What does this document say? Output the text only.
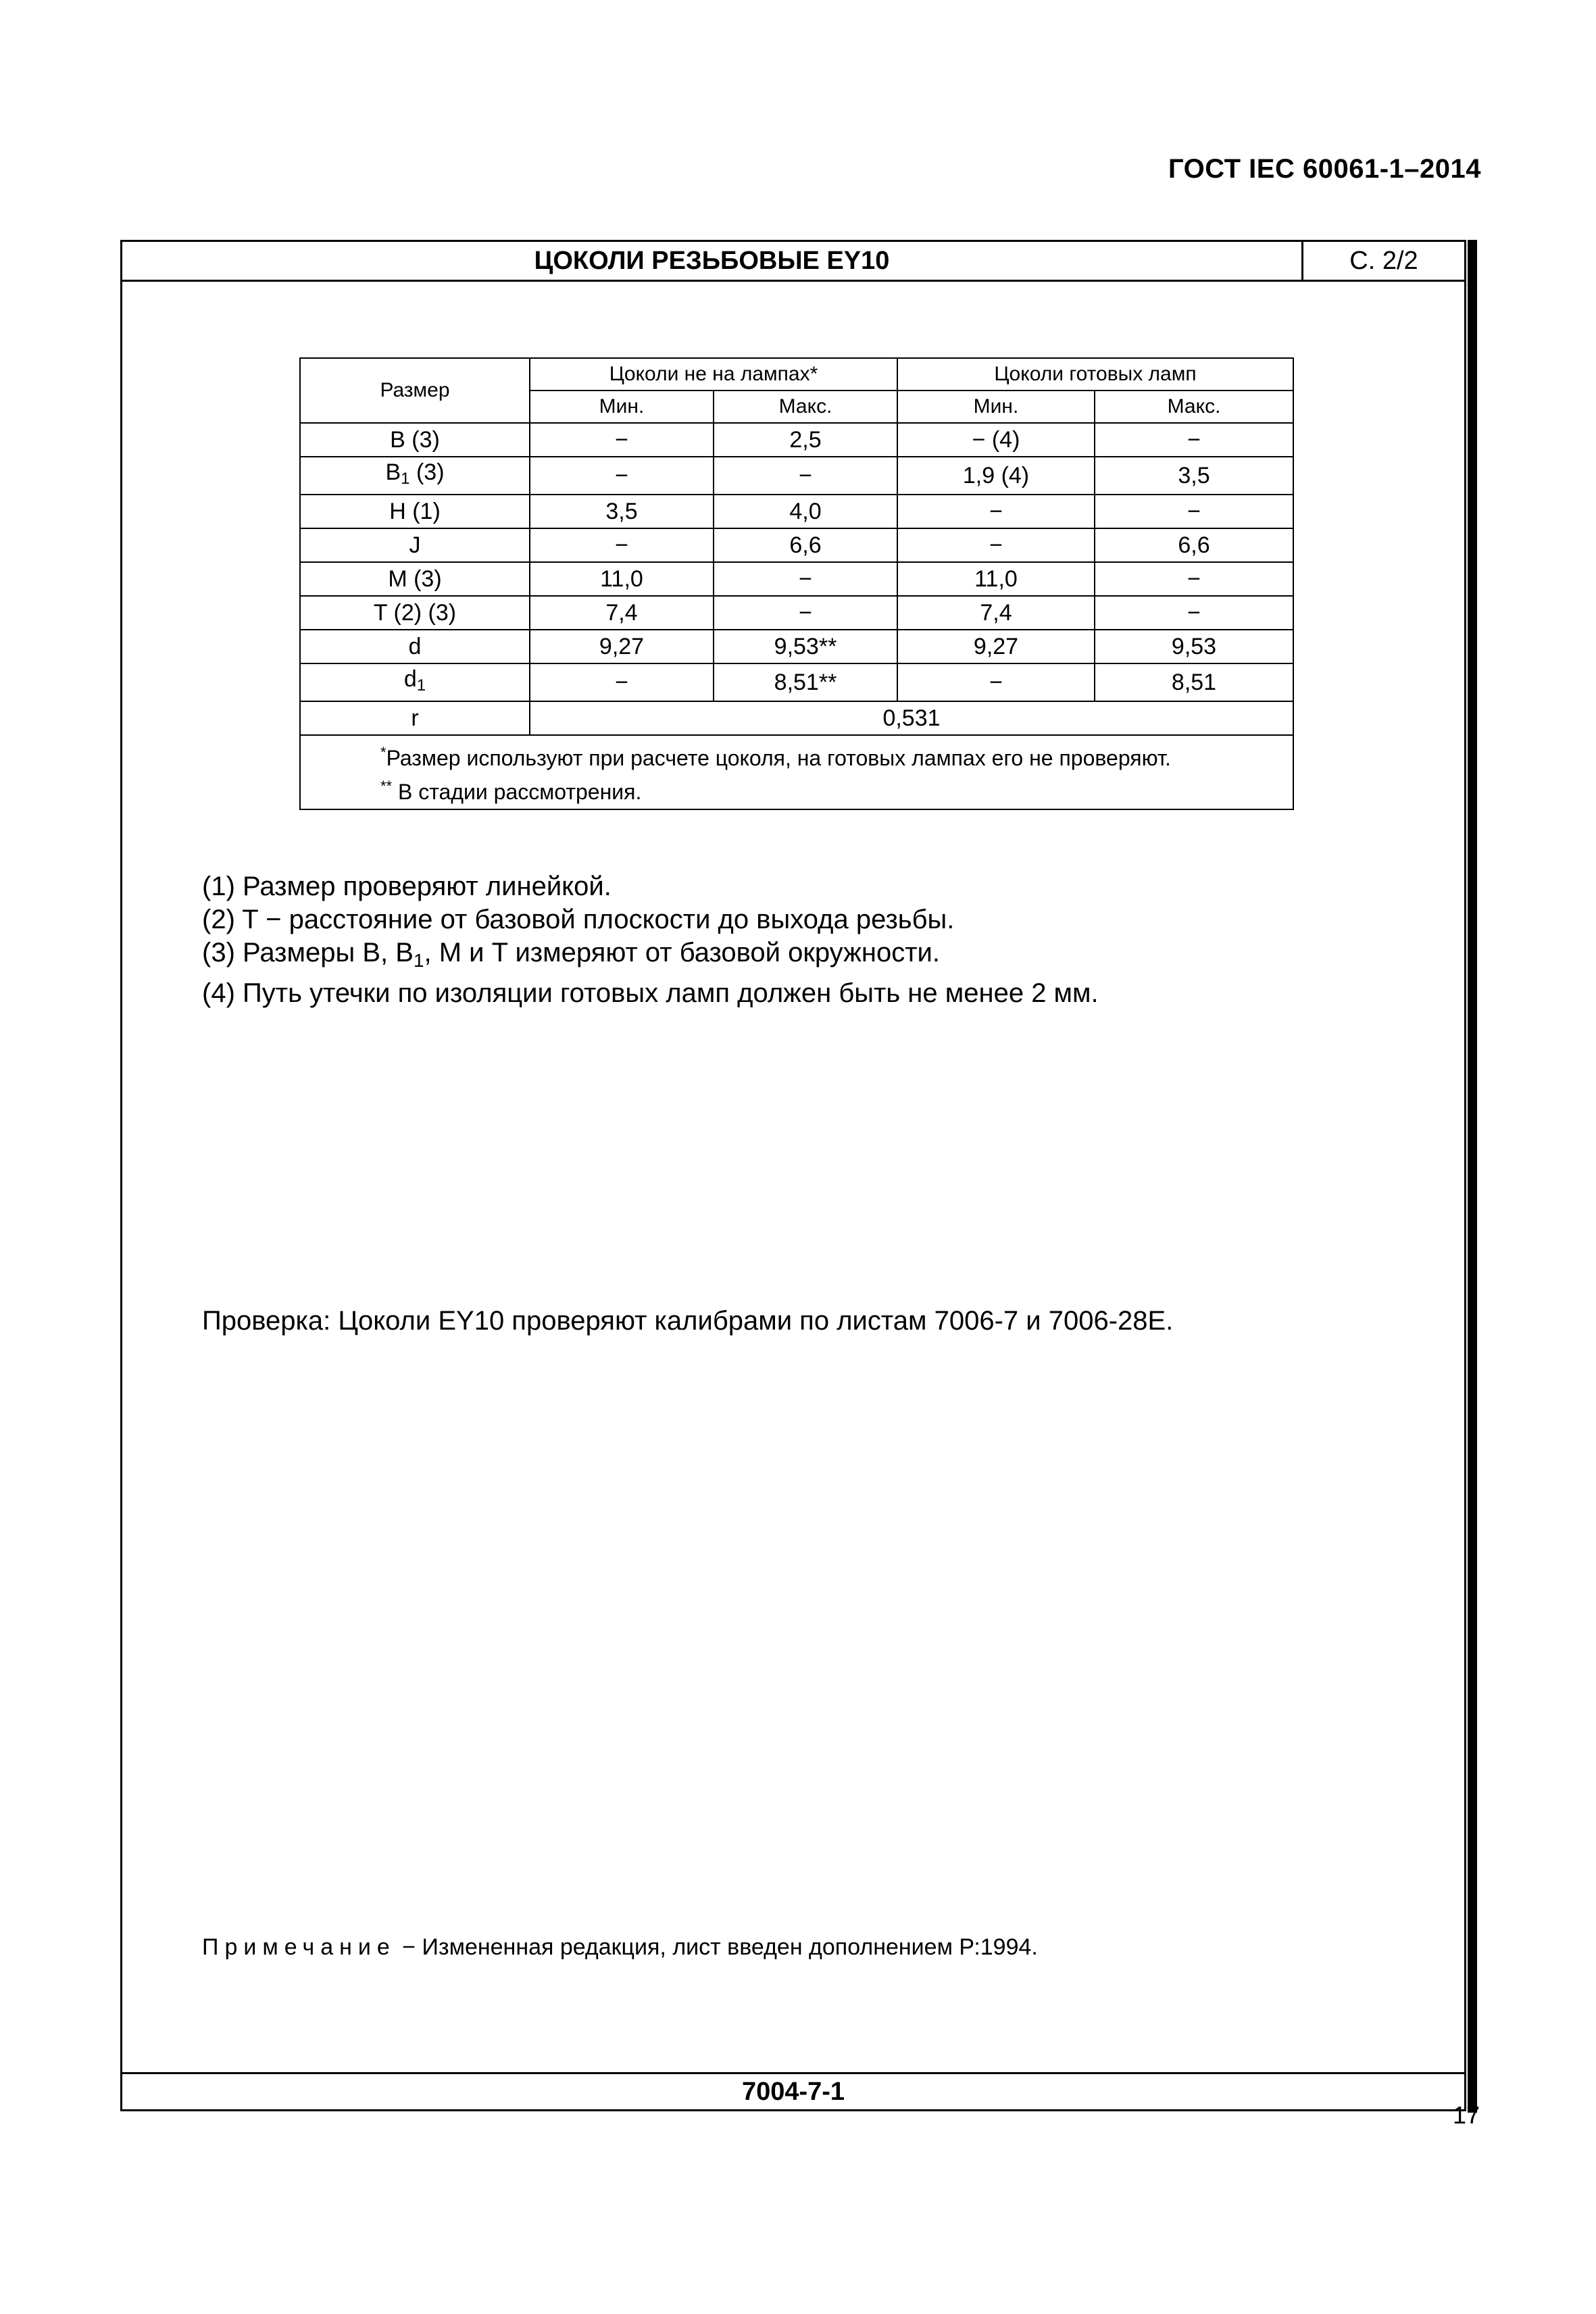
ГОСТ IEC 60061-1–2014
ЦОКОЛИ РЕЗЬБОВЫЕ EY10	С. 2/2
Размер	Цоколи не на лампах*		Цоколи готовых ламп	
	Мин.	Макс.	Мин.	Макс.
B (3)	−	2,5	− (4)	−
$B_1$ (3)	−	−	1,9 (4)	3,5
H (1)	3,5	4,0	−	−
J	−	6,6	−	6,6
M (3)	11,0	−	11,0	−
T (2) (3)	7,4	−	7,4	−
d	9,27	9,53**	9,27	9,53
$d_1$	−	8,51**	−	8,51
r	0,531			

*Размер используют при расчете цоколя, на готовых лампах его не проверяют.
** В стадии рассмотрения.				
(1) Размер проверяют линейкой.
(2) T − расстояние от базовой плоскости до выхода резьбы.
(3) Размеры B, $B_1$, M и T измеряют от базовой окружности.
(4) Путь утечки по изоляции готовых ламп должен быть не менее 2 мм.
Проверка: Цоколи EY10 проверяют калибрами по листам 7006-7 и 7006-28E.
Примечание − Измененная редакция, лист введен дополнением Р:1994.
7004-7-1
17
